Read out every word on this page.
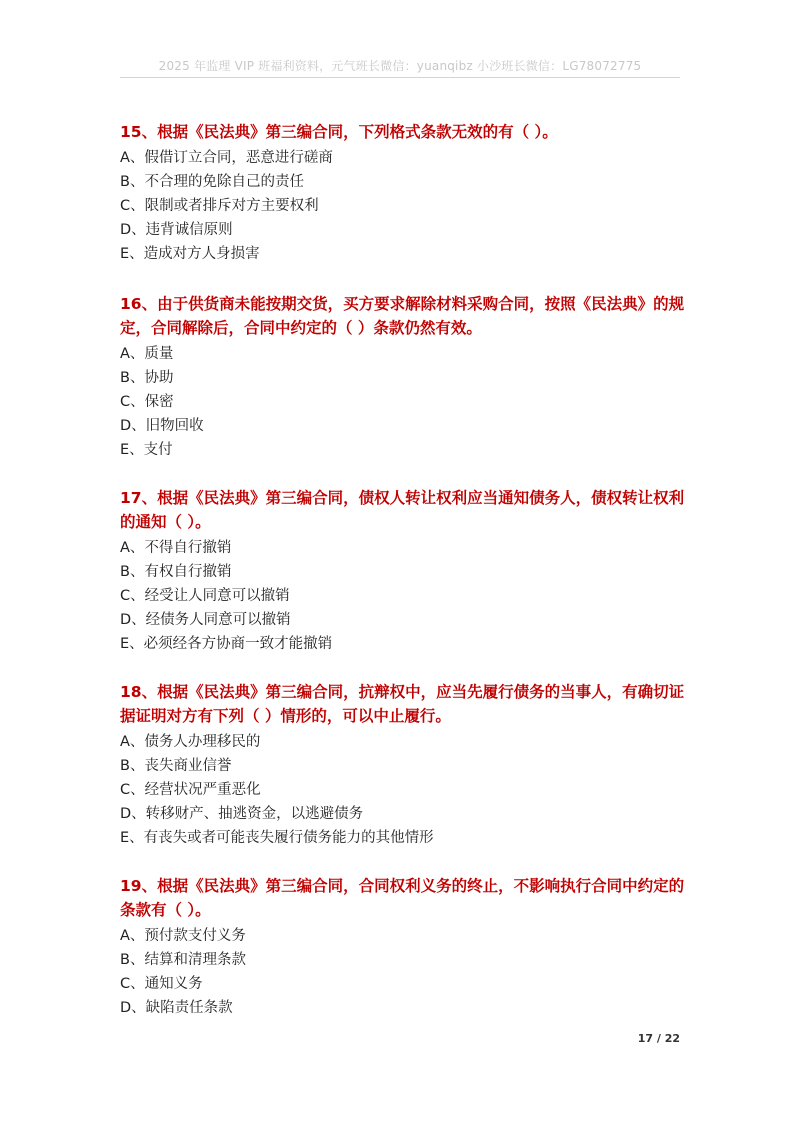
2025 年监理 VIP 班福利资料，元气班长微信：yuanqibz 小沙班长微信：LG78072775
15、根据《民法典》第三编合同，下列格式条款无效的有（ ）。
A、假借订立合同，恶意进行磋商
B、不合理的免除自己的责任
C、限制或者排斥对方主要权利
D、违背诚信原则
E、造成对方人身损害
16、由于供货商未能按期交货，买方要求解除材料采购合同，按照《民法典》的规定，合同解除后，合同中约定的（ ）条款仍然有效。
A、质量
B、协助
C、保密
D、旧物回收
E、支付
17、根据《民法典》第三编合同，债权人转让权利应当通知债务人，债权转让权利的通知（ ）。
A、不得自行撤销
B、有权自行撤销
C、经受让人同意可以撤销
D、经债务人同意可以撤销
E、必须经各方协商一致才能撤销
18、根据《民法典》第三编合同，抗辩权中，应当先履行债务的当事人，有确切证据证明对方有下列（ ）情形的，可以中止履行。
A、债务人办理移民的
B、丧失商业信誉
C、经营状况严重恶化
D、转移财产、抽逃资金，以逃避债务
E、有丧失或者可能丧失履行债务能力的其他情形
19、根据《民法典》第三编合同，合同权利义务的终止，不影响执行合同中约定的条款有（ ）。
A、预付款支付义务
B、结算和清理条款
C、通知义务
D、缺陷责任条款
17 / 22
